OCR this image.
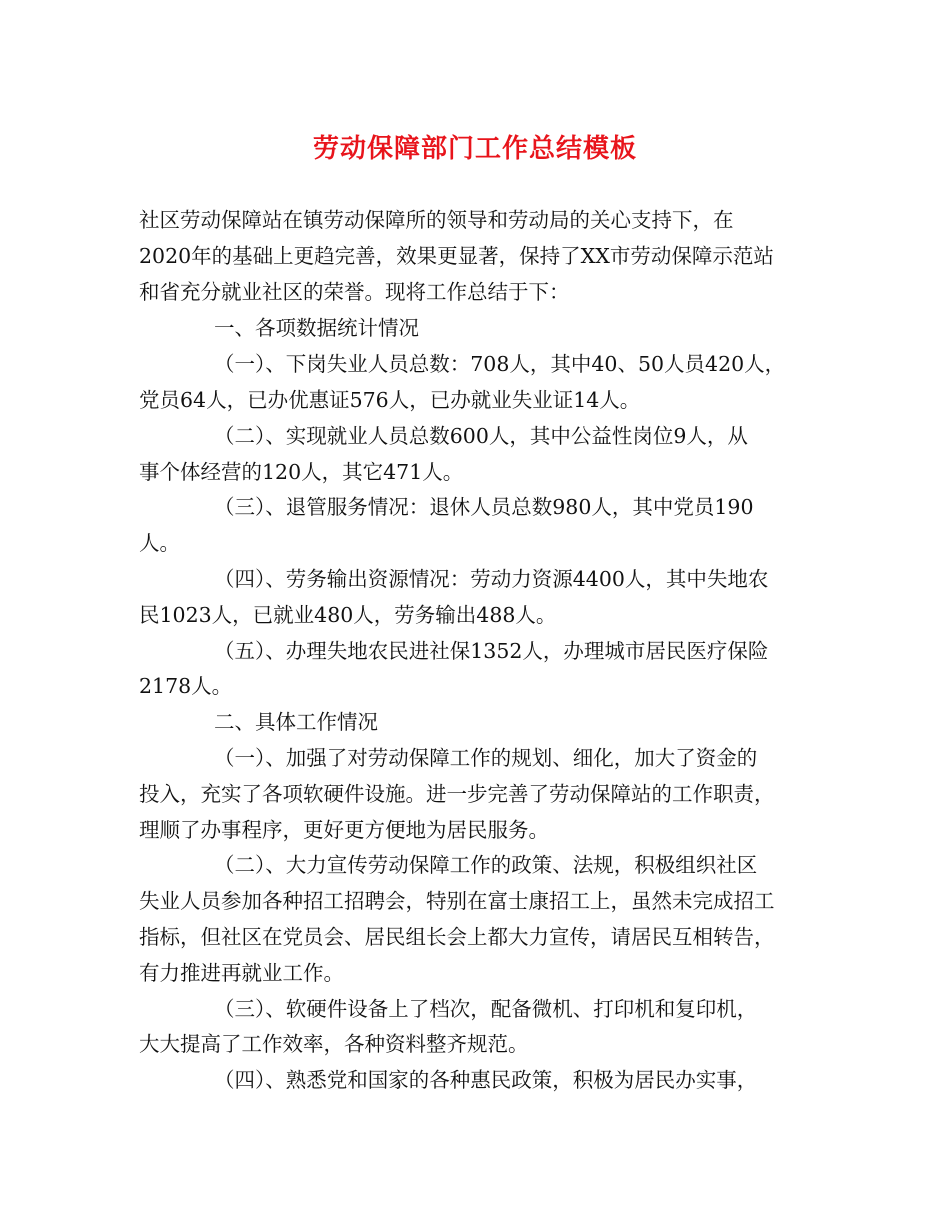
劳动保障部门工作总结模板
社区劳动保障站在镇劳动保障所的领导和劳动局的关心支持下，在
2020年的基础上更趋完善，效果更显著，保持了XX市劳动保障示范站
和省充分就业社区的荣誉。现将工作总结于下：
一、各项数据统计情况
（一）、下岗失业人员总数：708人，其中40、50人员420人，
党员64人，已办优惠证576人，已办就业失业证14人。
（二）、实现就业人员总数600人，其中公益性岗位9人，从
事个体经营的120人，其它471人。
（三）、退管服务情况：退休人员总数980人，其中党员190
人。
（四）、劳务输出资源情况：劳动力资源4400人，其中失地农
民1023人，已就业480人，劳务输出488人。
（五）、办理失地农民进社保1352人，办理城市居民医疗保险
2178人。
二、具体工作情况
（一）、加强了对劳动保障工作的规划、细化，加大了资金的
投入，充实了各项软硬件设施。进一步完善了劳动保障站的工作职责，
理顺了办事程序，更好更方便地为居民服务。
（二）、大力宣传劳动保障工作的政策、法规，积极组织社区
失业人员参加各种招工招聘会，特别在富士康招工上，虽然未完成招工
指标，但社区在党员会、居民组长会上都大力宣传，请居民互相转告，
有力推进再就业工作。
（三）、软硬件设备上了档次，配备微机、打印机和复印机，
大大提高了工作效率，各种资料整齐规范。
（四）、熟悉党和国家的各种惠民政策，积极为居民办实事，
